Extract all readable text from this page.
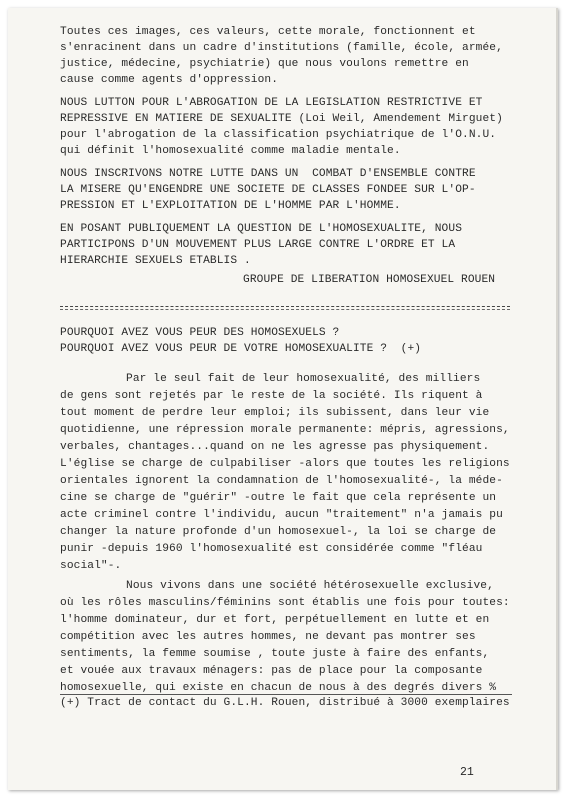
Toutes ces images, ces valeurs, cette morale, fonctionnent et
s'enracinent dans un cadre d'institutions (famille, école, armée,
justice, médecine, psychiatrie) que nous voulons remettre en
cause comme agents d'oppression.
NOUS LUTTON POUR L'ABROGATION DE LA LEGISLATION RESTRICTIVE ET
REPRESSIVE EN MATIERE DE SEXUALITE (Loi Weil, Amendement Mirguet)
pour l'abrogation de la classification psychiatrique de l'O.N.U.
qui définit l'homosexualité comme maladie mentale.
NOUS INSCRIVONS NOTRE LUTTE DANS UN  COMBAT D'ENSEMBLE CONTRE
LA MISERE QU'ENGENDRE UNE SOCIETE DE CLASSES FONDEE SUR L'OP-
PRESSION ET L'EXPLOITATION DE L'HOMME PAR L'HOMME.
EN POSANT PUBLIQUEMENT LA QUESTION DE L'HOMOSEXUALITE, NOUS
PARTICIPONS D'UN MOUVEMENT PLUS LARGE CONTRE L'ORDRE ET LA
HIERARCHIE SEXUELS ETABLIS .
GROUPE DE LIBERATION HOMOSEXUEL ROUEN
POURQUOI AVEZ VOUS PEUR DES HOMOSEXUELS ?
POURQUOI AVEZ VOUS PEUR DE VOTRE HOMOSEXUALITE ?  (+)
Par le seul fait de leur homosexualité, des milliers
de gens sont rejetés par le reste de la société. Ils riquent à
tout moment de perdre leur emploi; ils subissent, dans leur vie
quotidienne, une répression morale permanente: mépris, agressions,
verbales, chantages...quand on ne les agresse pas physiquement.
L'église se charge de culpabiliser -alors que toutes les religions
orientales ignorent la condamnation de l'homosexualité-, la méde-
cine se charge de "guérir" -outre le fait que cela représente un
acte criminel contre l'individu, aucun "traitement" n'a jamais pu
changer la nature profonde d'un homosexuel-, la loi se charge de
punir -depuis 1960 l'homosexualité est considérée comme "fléau
social"-.
Nous vivons dans une société hétérosexuelle exclusive,
où les rôles masculins/féminins sont établis une fois pour toutes:
l'homme dominateur, dur et fort, perpétuellement en lutte et en
compétition avec les autres hommes, ne devant pas montrer ses
sentiments, la femme soumise , toute juste à faire des enfants,
et vouée aux travaux ménagers: pas de place pour la composante
homosexuelle, qui existe en chacun de nous à des degrés divers %
(+) Tract de contact du G.L.H. Rouen, distribué à 3000 exemplaires
21
